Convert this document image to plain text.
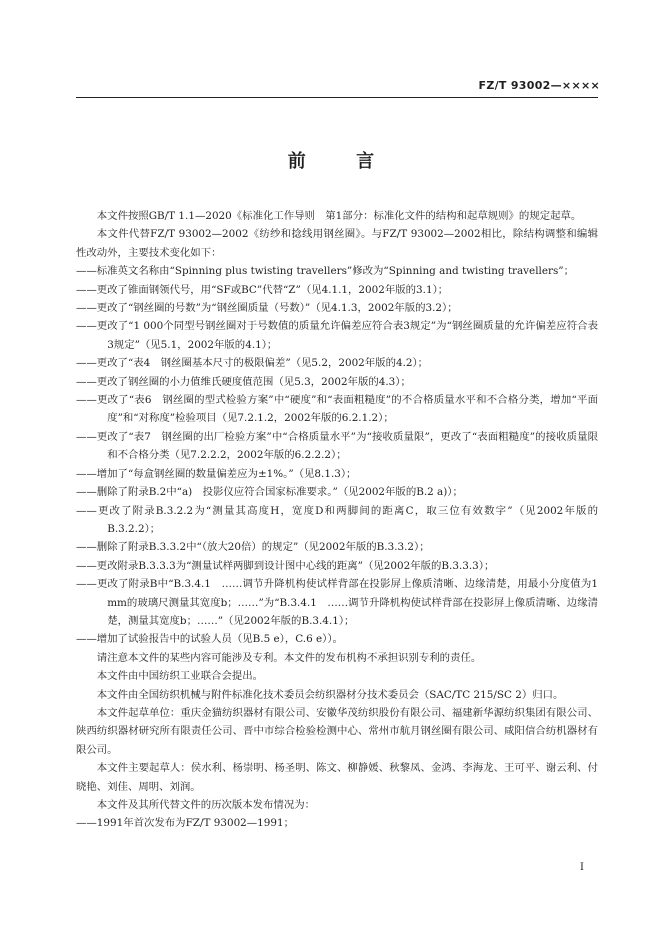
FZ/T 93002—××××
前　言

本文件按照GB/T 1.1—2020《标准化工作导则　第1部分：标准化文件的结构和起草规则》的规定起草。

本文件代替FZ/T 93002—2002《纺纱和捻线用钢丝圈》。与FZ/T 93002—2002相比，除结构调整和编辑性改动外，主要技术变化如下：

——标准英文名称由“Spinning plus twisting travellers”修改为“Spinning and twisting travellers”；

——更改了锥面钢领代号，用“SF或BC”代替“Z”（见4.1.1，2002年版的3.1）；

——更改了“钢丝圈的号数”为“钢丝圈质量（号数）”（见4.1.3，2002年版的3.2）；

——更改了“1 000个同型号钢丝圈对于号数值的质量允许偏差应符合表3规定”为“钢丝圈质量的允许偏差应符合表3规定”（见5.1，2002年版的4.1）；

——更改了“表4　钢丝圈基本尺寸的极限偏差”（见5.2，2002年版的4.2）；

——更改了钢丝圈的小力值维氏硬度值范围（见5.3，2002年版的4.3）；

——更改了“表6　钢丝圈的型式检验方案”中“硬度”和“表面粗糙度”的不合格质量水平和不合格分类，增加“平面度”和“对称度”检验项目（见7.2.1.2，2002年版的6.2.1.2）；

——更改了“表7　钢丝圈的出厂检验方案”中“合格质量水平”为“接收质量限”，更改了“表面粗糙度”的接收质量限和不合格分类（见7.2.2.2，2002年版的6.2.2.2）；

——增加了“每盒钢丝圈的数量偏差应为±1%。”（见8.1.3）；

——删除了附录B.2中“a)　投影仪应符合国家标准要求。”（见2002年版的B.2 a)）；

——更改了附录B.3.2.2为“测量其高度H，宽度D和两脚间的距离C，取三位有效数字”（见2002年版的B.3.2.2）；

——删除了附录B.3.3.2中“（放大20倍）的规定”（见2002年版的B.3.3.2）；

——更改附录B.3.3.3为“测量试样两脚到设计图中心线的距离”（见2002年版的B.3.3.3）；

——更改了附录B中“B.3.4.1　……调节升降机构使试样背部在投影屏上像质清晰、边缘清楚，用最小分度值为1 mm的玻璃尺测量其宽度b；……”为“B.3.4.1　……调节升降机构使试样背部在投影屏上像质清晰、边缘清楚，测量其宽度b；……”（见2002年版的B.3.4.1）；

——增加了试验报告中的试验人员（见B.5 e），C.6 e））。

请注意本文件的某些内容可能涉及专利。本文件的发布机构不承担识别专利的责任。

本文件由中国纺织工业联合会提出。

本文件由全国纺织机械与附件标准化技术委员会纺织器材分技术委员会（SAC/TC 215/SC 2）归口。

本文件起草单位：重庆金猫纺织器材有限公司、安徽华茂纺织股份有限公司、福建新华源纺织集团有限公司、陕西纺织器材研究所有限责任公司、晋中市综合检验检测中心、常州市航月钢丝圈有限公司、咸阳信合纺机器材有限公司。

本文件主要起草人：侯水利、杨崇明、杨圣明、陈文、柳静媛、秋黎凤、金鸿、李海龙、王可平、谢云利、付晓艳、刘佳、周明、刘润。

本文件及其所代替文件的历次版本发布情况为：

——1991年首次发布为FZ/T 93002—1991；

I
